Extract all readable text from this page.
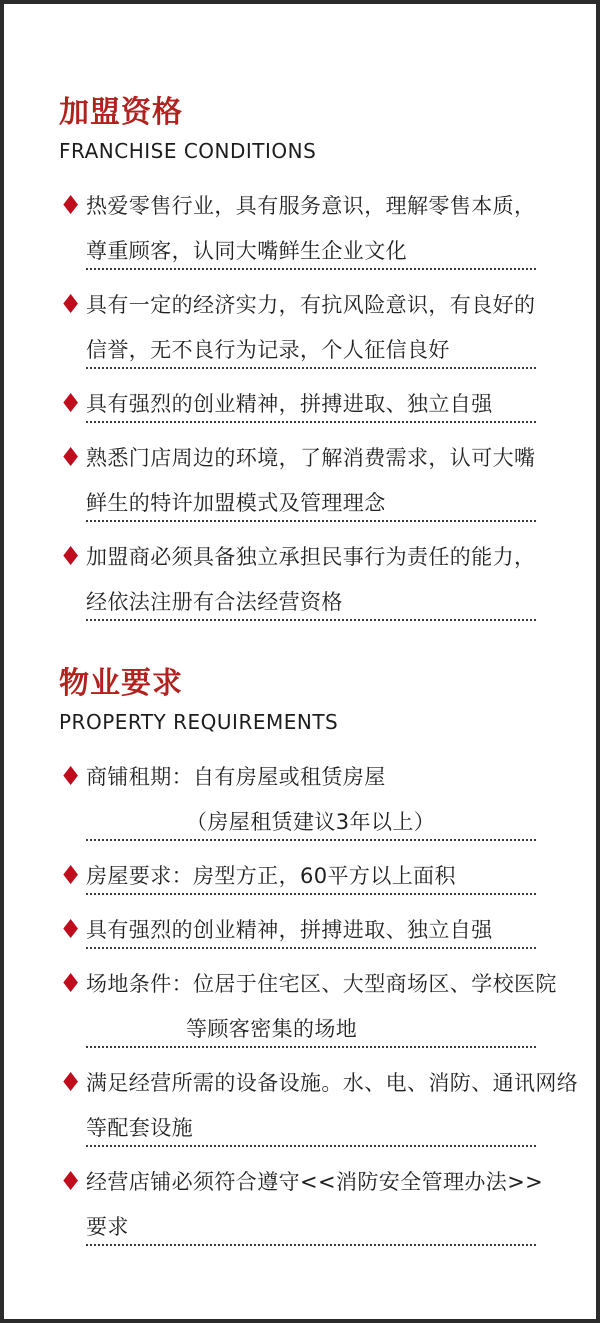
加盟资格
FRANCHISE CONDITIONS
♦ 热爱零售行业，具有服务意识，理解零售本质，
尊重顾客，认同大嘴鲜生企业文化
♦ 具有一定的经济实力，有抗风险意识，有良好的
信誉，无不良行为记录，个人征信良好
♦ 具有强烈的创业精神，拼搏进取、独立自强
♦ 熟悉门店周边的环境，了解消费需求，认可大嘴
鲜生的特许加盟模式及管理理念
♦ 加盟商必须具备独立承担民事行为责任的能力，
经依法注册有合法经营资格
物业要求
PROPERTY REQUIREMENTS
♦ 商铺租期：自有房屋或租赁房屋
（房屋租赁建议3年以上）
♦ 房屋要求：房型方正，60平方以上面积
♦ 具有强烈的创业精神，拼搏进取、独立自强
♦ 场地条件：位居于住宅区、大型商场区、学校医院
等顾客密集的场地
♦ 满足经营所需的设备设施。水、电、消防、通讯网络
等配套设施
♦ 经营店铺必须符合遵守<<消防安全管理办法>>
要求
